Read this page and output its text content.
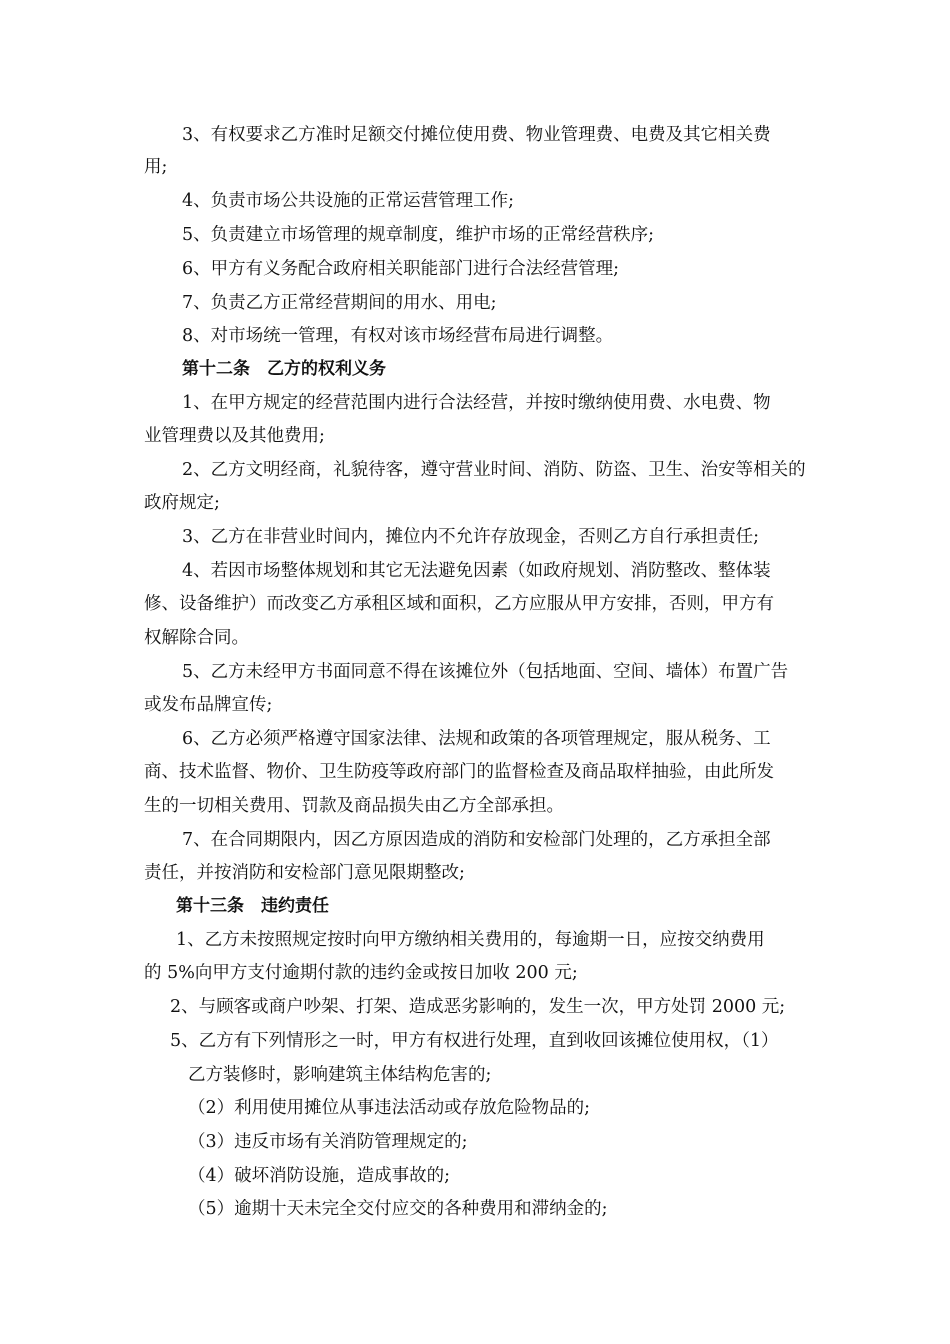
3、有权要求乙方准时足额交付摊位使用费、物业管理费、电费及其它相关费
用;
4、负责市场公共设施的正常运营管理工作;
5、负责建立市场管理的规章制度，维护市场的正常经营秩序;
6、甲方有义务配合政府相关职能部门进行合法经营管理;
7、负责乙方正常经营期间的用水、用电;
8、对市场统一管理，有权对该市场经营布局进行调整。
第十二条　乙方的权利义务
1、在甲方规定的经营范围内进行合法经营，并按时缴纳使用费、水电费、物
业管理费以及其他费用;
2、乙方文明经商，礼貌待客，遵守营业时间、消防、防盗、卫生、治安等相关的
政府规定;
3、乙方在非营业时间内，摊位内不允许存放现金，否则乙方自行承担责任;
4、若因市场整体规划和其它无法避免因素（如政府规划、消防整改、整体装
修、设备维护）而改变乙方承租区域和面积，乙方应服从甲方安排，否则，甲方有
权解除合同。
5、乙方未经甲方书面同意不得在该摊位外（包括地面、空间、墙体）布置广告
或发布品牌宣传;
6、乙方必须严格遵守国家法律、法规和政策的各项管理规定，服从税务、工
商、技术监督、物价、卫生防疫等政府部门的监督检查及商品取样抽验，由此所发
生的一切相关费用、罚款及商品损失由乙方全部承担。
7、在合同期限内，因乙方原因造成的消防和安检部门处理的，乙方承担全部
责任，并按消防和安检部门意见限期整改;
第十三条　违约责任
1、乙方未按照规定按时向甲方缴纳相关费用的，每逾期一日，应按交纳费用
的 5%向甲方支付逾期付款的违约金或按日加收 200 元;
2、与顾客或商户吵架、打架、造成恶劣影响的，发生一次，甲方处罚 2000 元;
5、乙方有下列情形之一时，甲方有权进行处理，直到收回该摊位使用权，（1）
乙方装修时，影响建筑主体结构危害的;
（2）利用使用摊位从事违法活动或存放危险物品的;
（3）违反市场有关消防管理规定的;
（4）破坏消防设施，造成事故的;
（5）逾期十天未完全交付应交的各种费用和滞纳金的;
